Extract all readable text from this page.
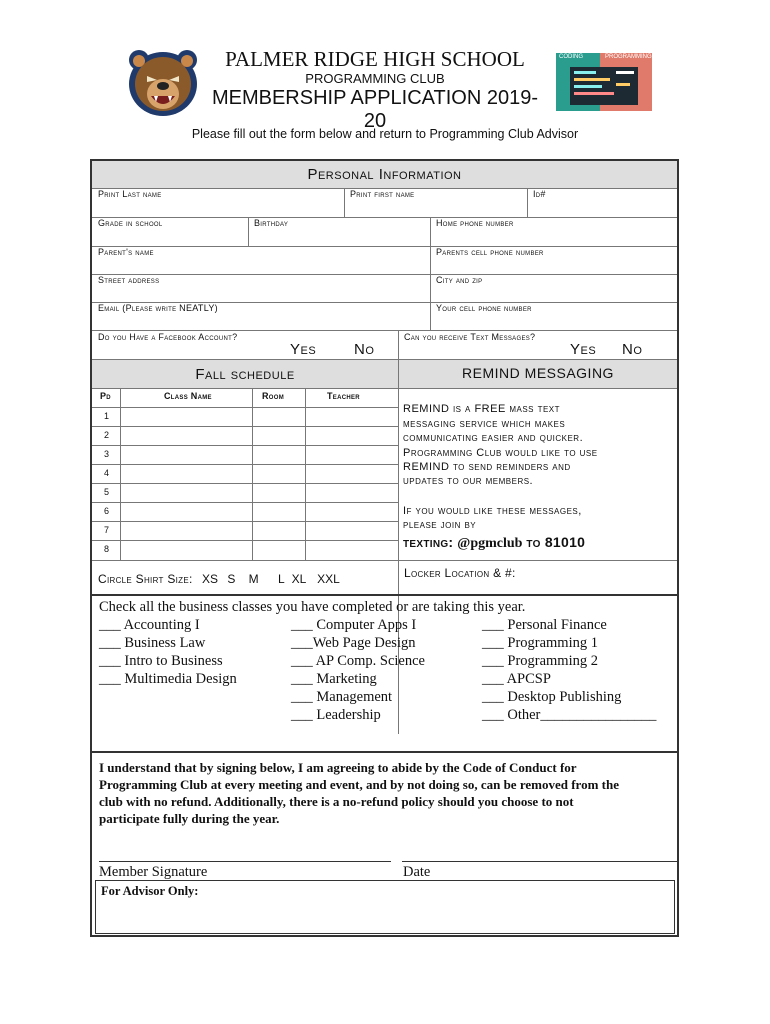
PALMER RIDGE HIGH SCHOOL
PROGRAMMING CLUB
MEMBERSHIP APPLICATION 2019-20
CODING	PROGRAMMING
Please fill out the form below and return to Programming Club Advisor
Personal Information
Print Last name	Print first name	Id#
Grade in school	Birthday	Home phone number
Parent's name	Parents cell phone number
Street address	City and zip
Email (Please write NEATLY)	Your cell phone number
Do you Have a Facebook Account?
Yes	No
Can you receive Text Messages?
Yes No
Fall schedule	REMIND MESSAGING
Pd	Class Name	Room	Teacher
1
2
3
4
5
6
7
8
REMIND is a FREE mass text
messaging service which makes
communicating easier and quicker.
Programming Club would like to use
REMIND to send reminders and
updates to our members.
If you would like these messages,
please join by
texting: @pgmclub to 81010
Circle Shirt Size: XS S M L XL XXL	Locker Location & #:
Check all the business classes you have completed or are taking this year.
___ Accounting I
___ Business Law
___ Intro to Business
___ Multimedia Design
___ Computer Apps I
___Web Page Design
___ AP Comp. Science
___ Marketing
___ Management
___ Leadership
___ Personal Finance
___ Programming 1
___ Programming 2
___ APCSP
___ Desktop Publishing
___ Other________________
I understand that by signing below, I am agreeing to abide by the Code of Conduct for
Programming Club at every meeting and event, and by not doing so, can be removed from the
club with no refund. Additionally, there is a no-refund policy should you choose to not
participate fully during the year.
Member Signature	Date
For Advisor Only:
